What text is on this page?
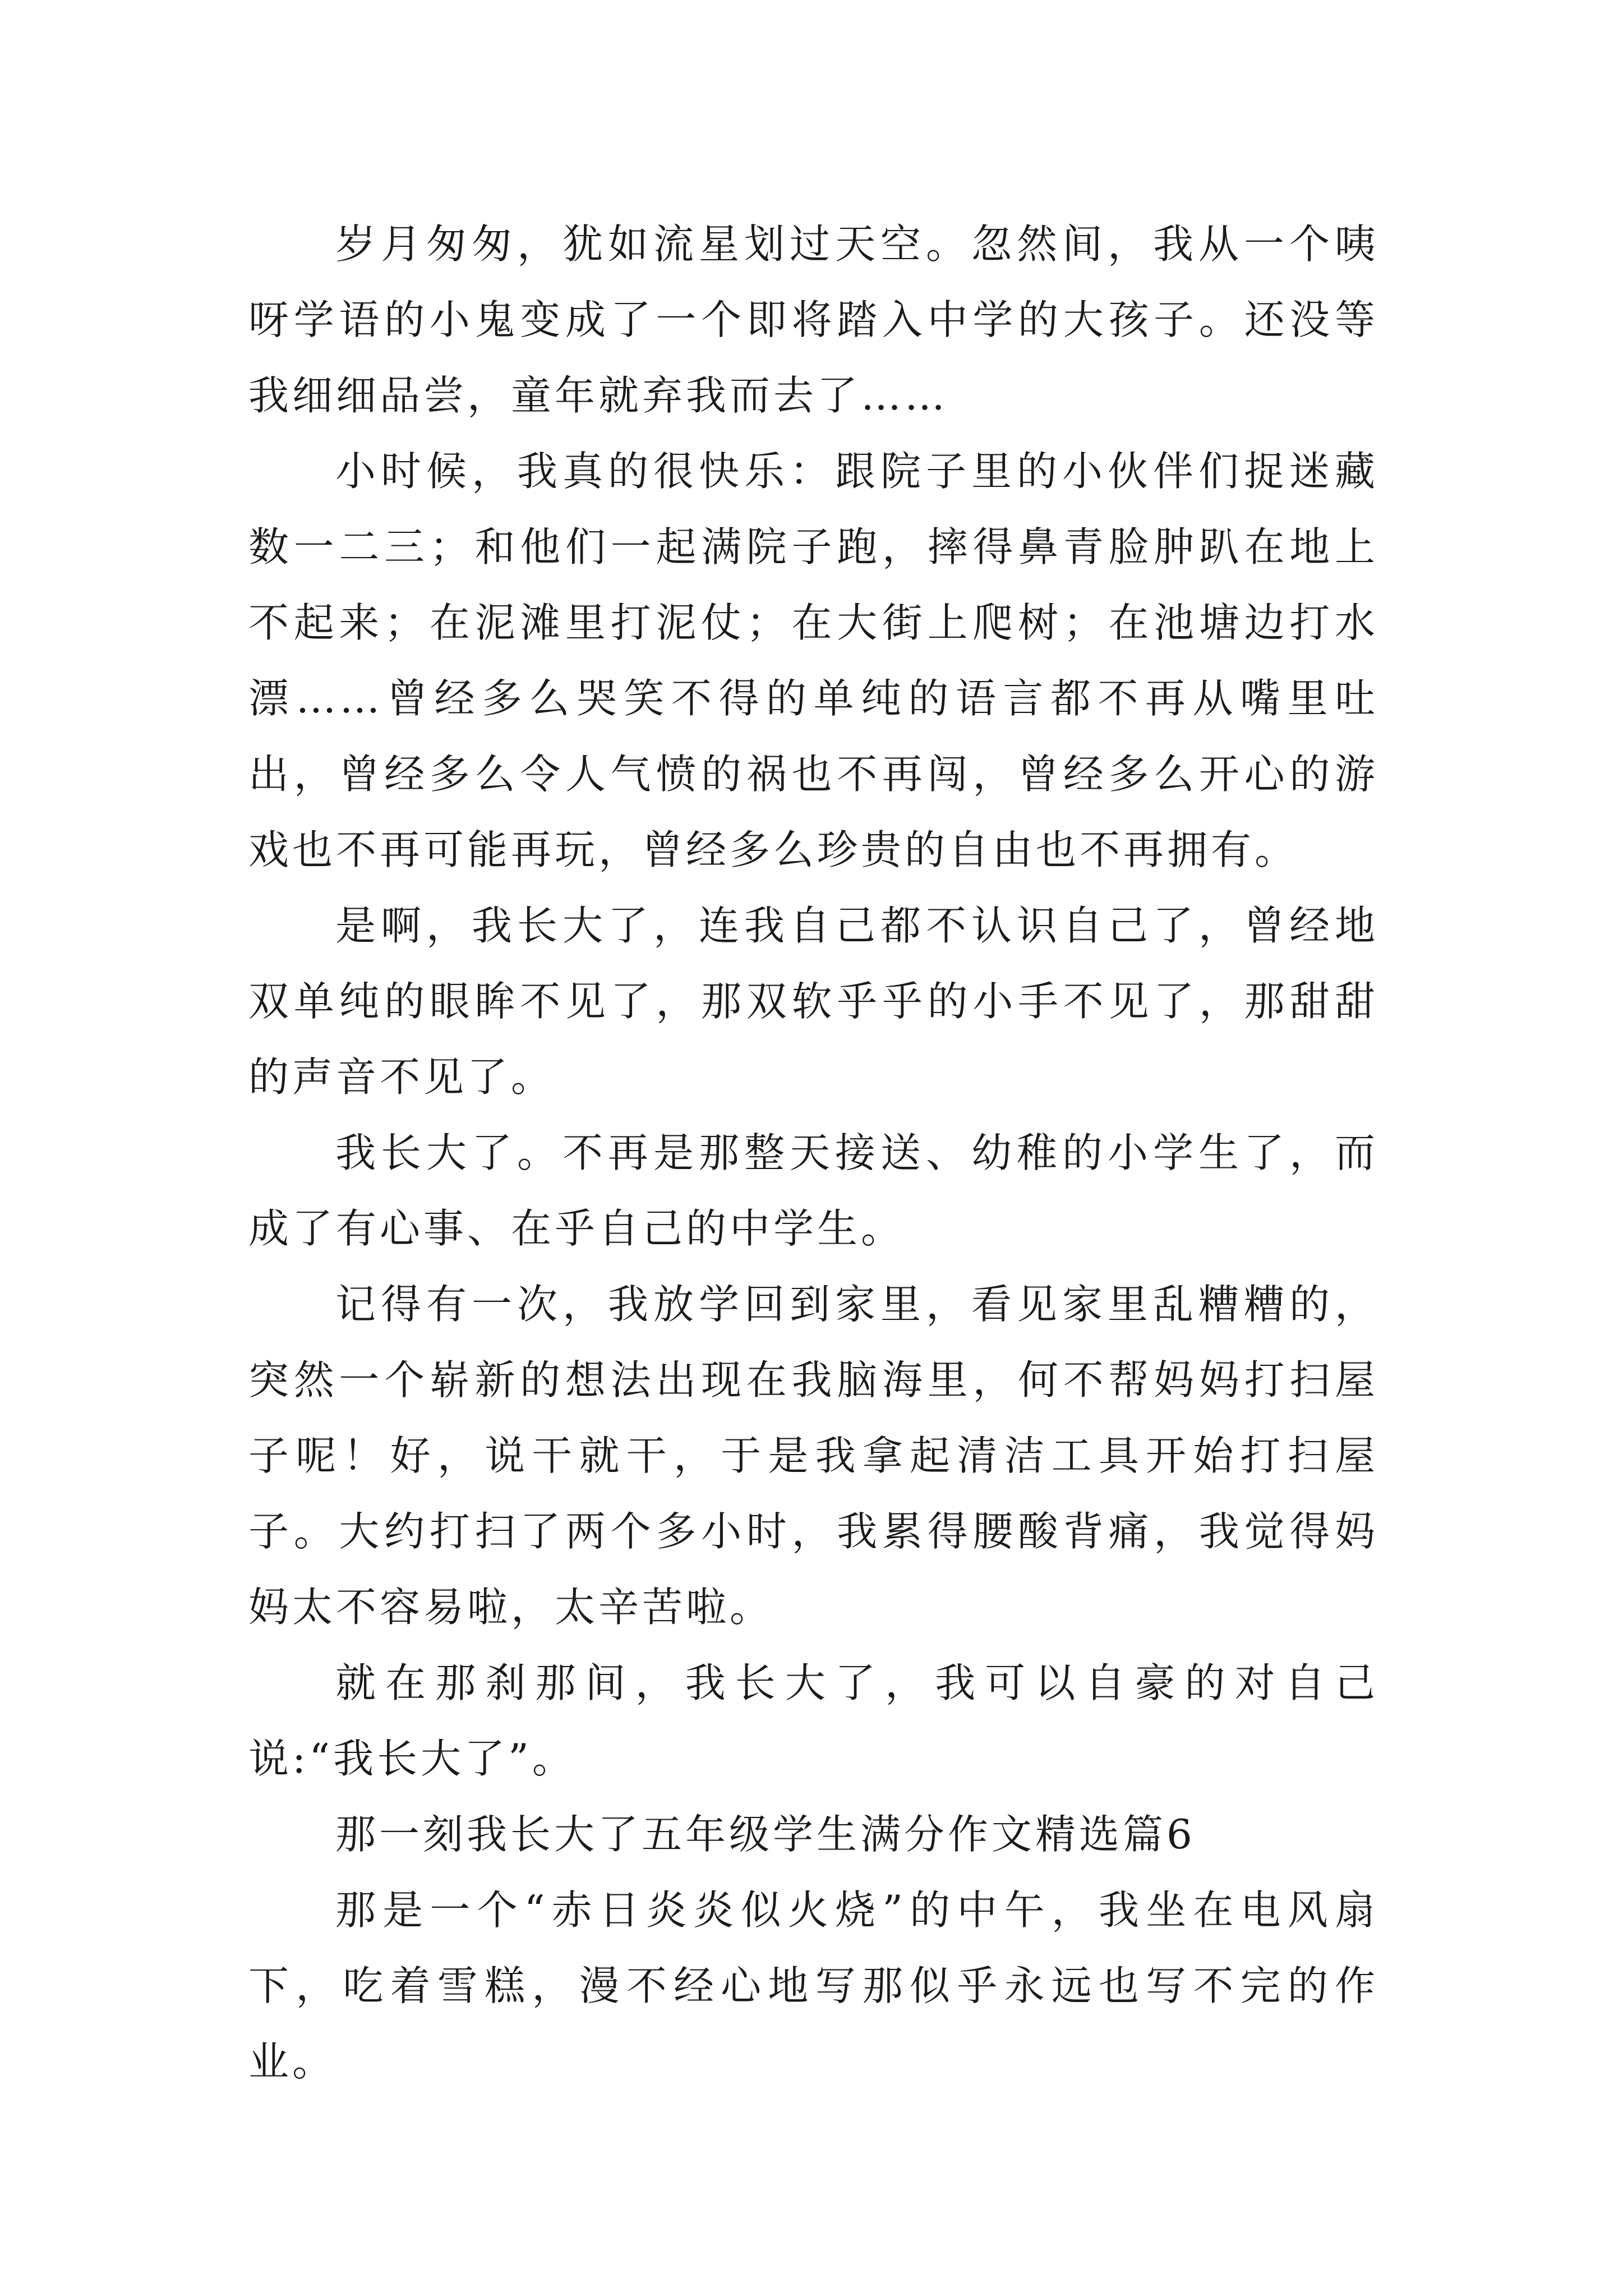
岁月匆匆，犹如流星划过天空。忽然间，我从一个咦呀学语的小鬼变成了一个即将踏入中学的大孩子。还没等我细细品尝，童年就弃我而去了……

小时候，我真的很快乐：跟院子里的小伙伴们捉迷藏数一二三；和他们一起满院子跑，摔得鼻青脸肿趴在地上不起来；在泥滩里打泥仗；在大街上爬树；在池塘边打水漂……曾经多么哭笑不得的单纯的语言都不再从嘴里吐出，曾经多么令人气愤的祸也不再闯，曾经多么开心的游戏也不再可能再玩，曾经多么珍贵的自由也不再拥有。

是啊，我长大了，连我自己都不认识自己了，曾经地双单纯的眼眸不见了，那双软乎乎的小手不见了，那甜甜的声音不见了。

我长大了。不再是那整天接送、幼稚的小学生了，而成了有心事、在乎自己的中学生。

记得有一次，我放学回到家里，看见家里乱糟糟的，突然一个崭新的想法出现在我脑海里，何不帮妈妈打扫屋子呢！好，说干就干，于是我拿起清洁工具开始打扫屋子。大约打扫了两个多小时，我累得腰酸背痛，我觉得妈妈太不容易啦，太辛苦啦。

就在那刹那间，我长大了，我可以自豪的对自己说:“我长大了”。

那一刻我长大了五年级学生满分作文精选篇6

那是一个“赤日炎炎似火烧”的中午，我坐在电风扇下，吃着雪糕，漫不经心地写那似乎永远也写不完的作业。
